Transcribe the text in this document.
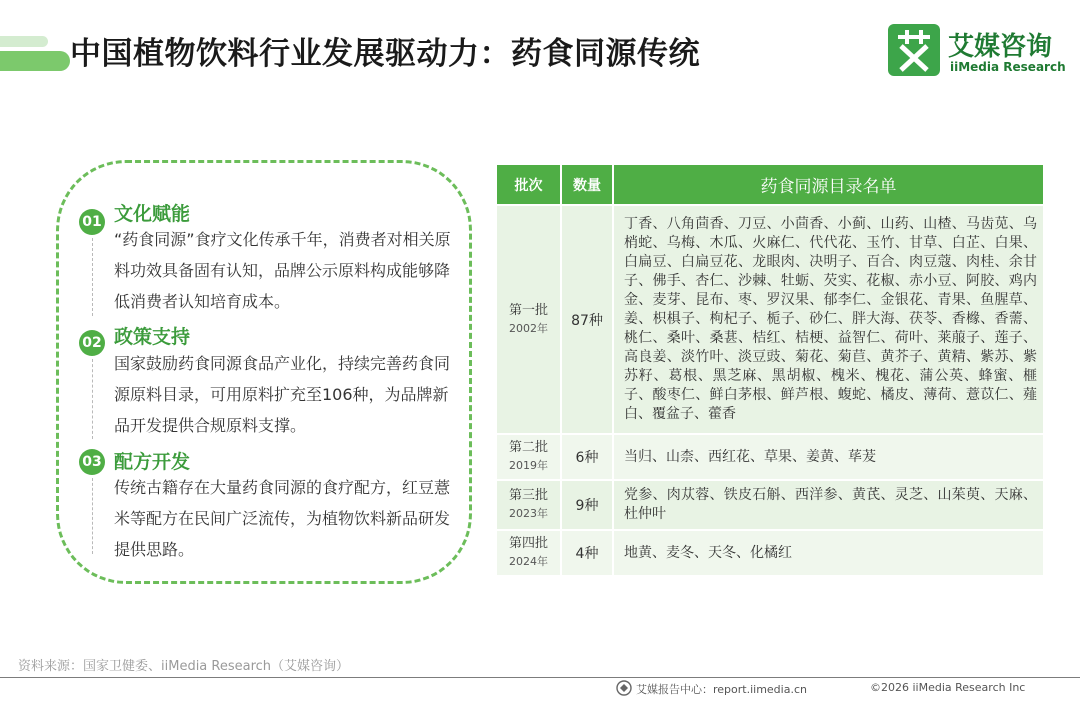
中国植物饮料行业发展驱动力：药食同源传统	艾媒咨询
iiMedia Research
01 文化赋能
“药食同源”食疗文化传承千年，消费者对相关原料功效具备固有认知，品牌公示原料构成能够降低消费者认知培育成本。
02 政策支持
国家鼓励药食同源食品产业化，持续完善药食同源原料目录，可用原料扩充至106种，为品牌新品开发提供合规原料支撑。
03 配方开发
传统古籍存在大量药食同源的食疗配方，红豆薏米等配方在民间广泛流传，为植物饮料新品研发提供思路。
批次	数量	药食同源目录名单

第一批
2002年	87种	丁香、八角茴香、刀豆、小茴香、小蓟、山药、山楂、马齿苋、乌梢蛇、乌梅、木瓜、火麻仁、代代花、玉竹、甘草、白芷、白果、白扁豆、白扁豆花、龙眼肉、决明子、百合、肉豆蔻、肉桂、余甘子、佛手、杏仁、沙棘、牡蛎、芡实、花椒、赤小豆、阿胶、鸡内金、麦芽、昆布、枣、罗汉果、郁李仁、金银花、青果、鱼腥草、姜、枳椇子、枸杞子、栀子、砂仁、胖大海、茯苓、香橼、香薷、桃仁、桑叶、桑葚、桔红、桔梗、益智仁、荷叶、莱菔子、莲子、高良姜、淡竹叶、淡豆豉、菊花、菊苣、黄芥子、黄精、紫苏、紫苏籽、葛根、黑芝麻、黑胡椒、槐米、槐花、蒲公英、蜂蜜、榧子、酸枣仁、鲜白茅根、鲜芦根、蝮蛇、橘皮、薄荷、薏苡仁、薤白、覆盆子、藿香

第二批
2019年	6种	当归、山柰、西红花、草果、姜黄、荜茇

第三批
2023年	9种	党参、肉苁蓉、铁皮石斛、西洋参、黄芪、灵芝、山茱萸、天麻、杜仲叶

第四批
2024年	4种	地黄、麦冬、天冬、化橘红
资料来源：国家卫健委、iiMedia Research（艾媒咨询）
艾媒报告中心：report.iimedia.cn	©2026 iiMedia Research Inc
